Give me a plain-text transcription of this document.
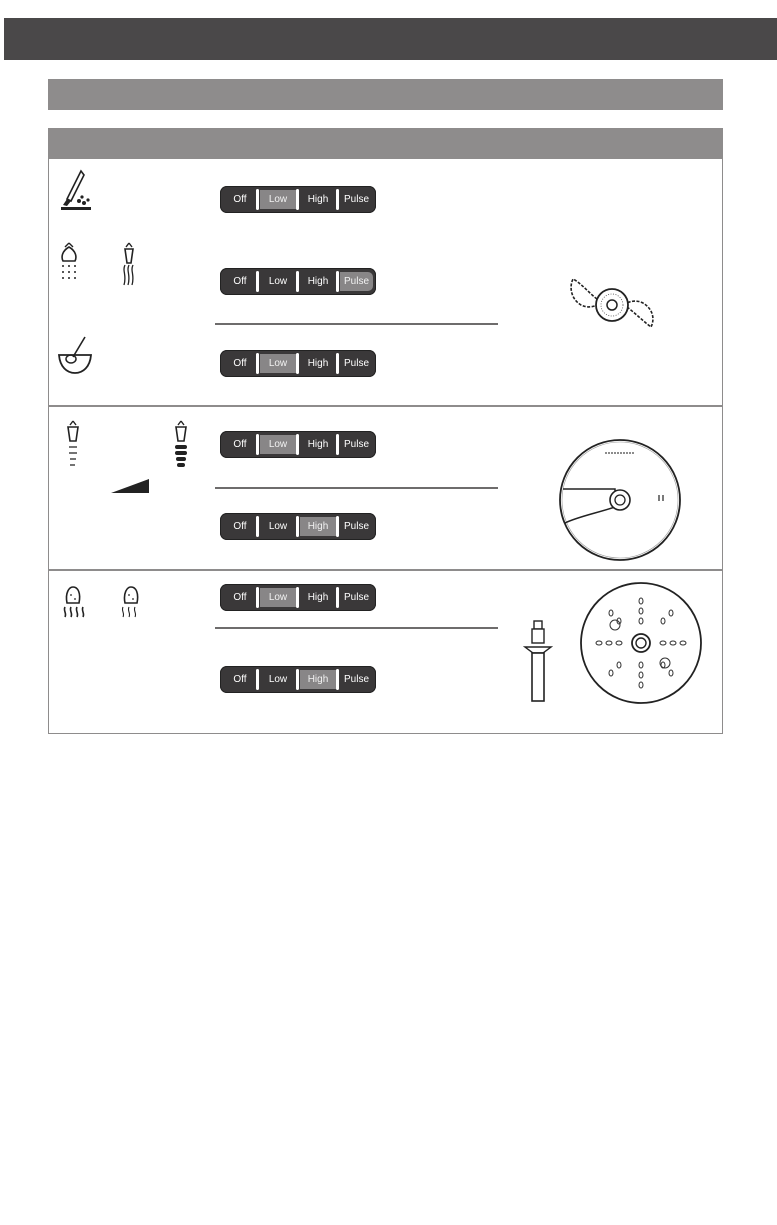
Off	Low	High	Pulse
Off	Low	High	Pulse
Off	Low	High	Pulse
Off	Low	High	Pulse
Off	Low	High	Pulse
Off	Low	High	Pulse
Off	Low	High	Pulse
